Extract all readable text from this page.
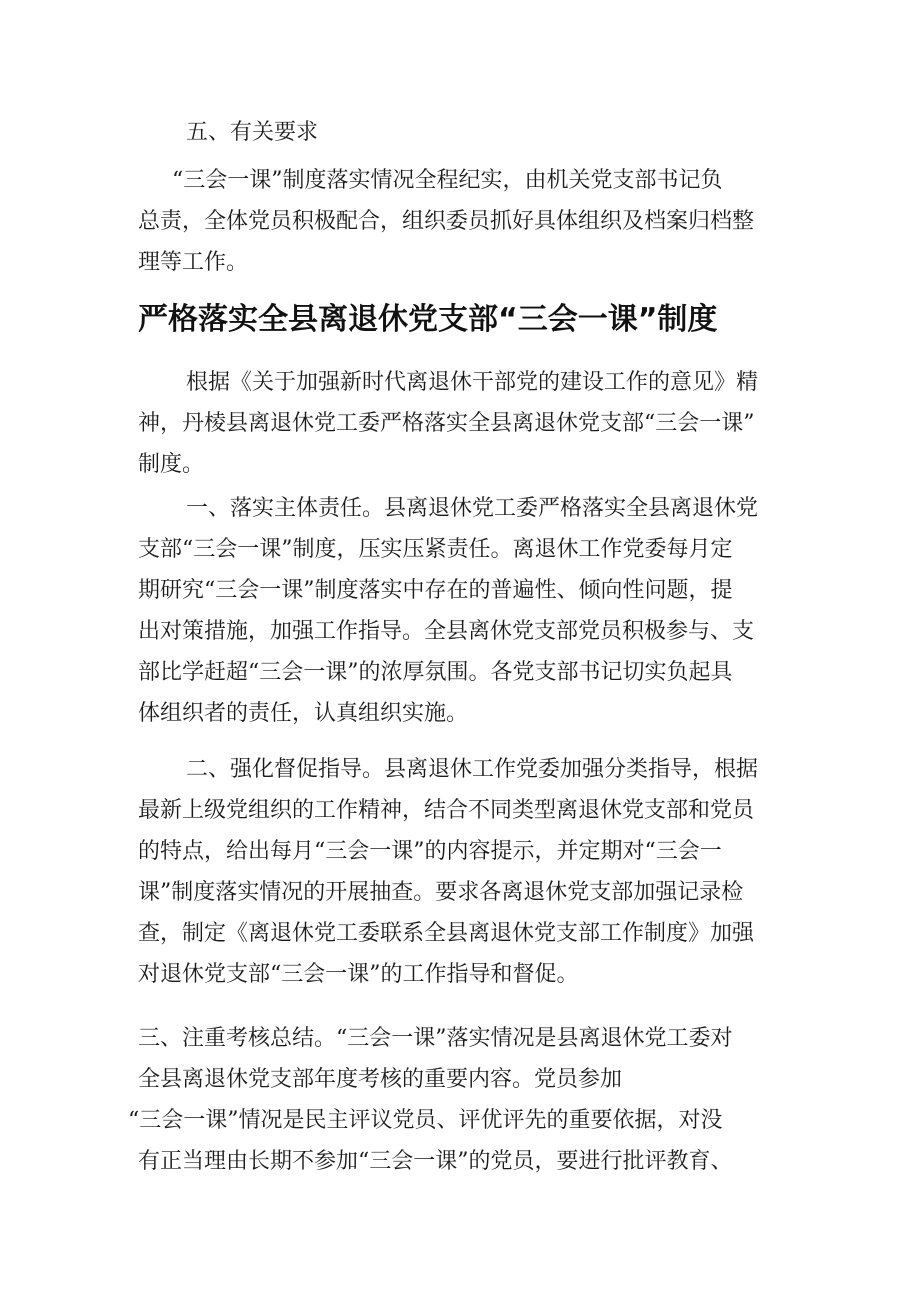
五、有关要求
“三会一课”制度落实情况全程纪实，由机关党支部书记负
总责，全体党员积极配合，组织委员抓好具体组织及档案归档整
理等工作。
严格落实全县离退休党支部“三会一课”制度
根据《关于加强新时代离退休干部党的建设工作的意见》精
神，丹棱县离退休党工委严格落实全县离退休党支部“三会一课”
制度。
一、落实主体责任。县离退休党工委严格落实全县离退休党
支部“三会一课”制度，压实压紧责任。离退休工作党委每月定
期研究“三会一课”制度落实中存在的普遍性、倾向性问题，提
出对策措施，加强工作指导。全县离休党支部党员积极参与、支
部比学赶超“三会一课”的浓厚氛围。各党支部书记切实负起具
体组织者的责任，认真组织实施。
二、强化督促指导。县离退休工作党委加强分类指导，根据
最新上级党组织的工作精神，结合不同类型离退休党支部和党员
的特点，给出每月“三会一课”的内容提示，并定期对“三会一
课”制度落实情况的开展抽查。要求各离退休党支部加强记录检
查，制定《离退休党工委联系全县离退休党支部工作制度》加强
对退休党支部“三会一课”的工作指导和督促。
三、注重考核总结。“三会一课”落实情况是县离退休党工委对
全县离退休党支部年度考核的重要内容。党员参加
“三会一课”情况是民主评议党员、评优评先的重要依据，对没
有正当理由长期不参加“三会一课”的党员，要进行批评教育、
